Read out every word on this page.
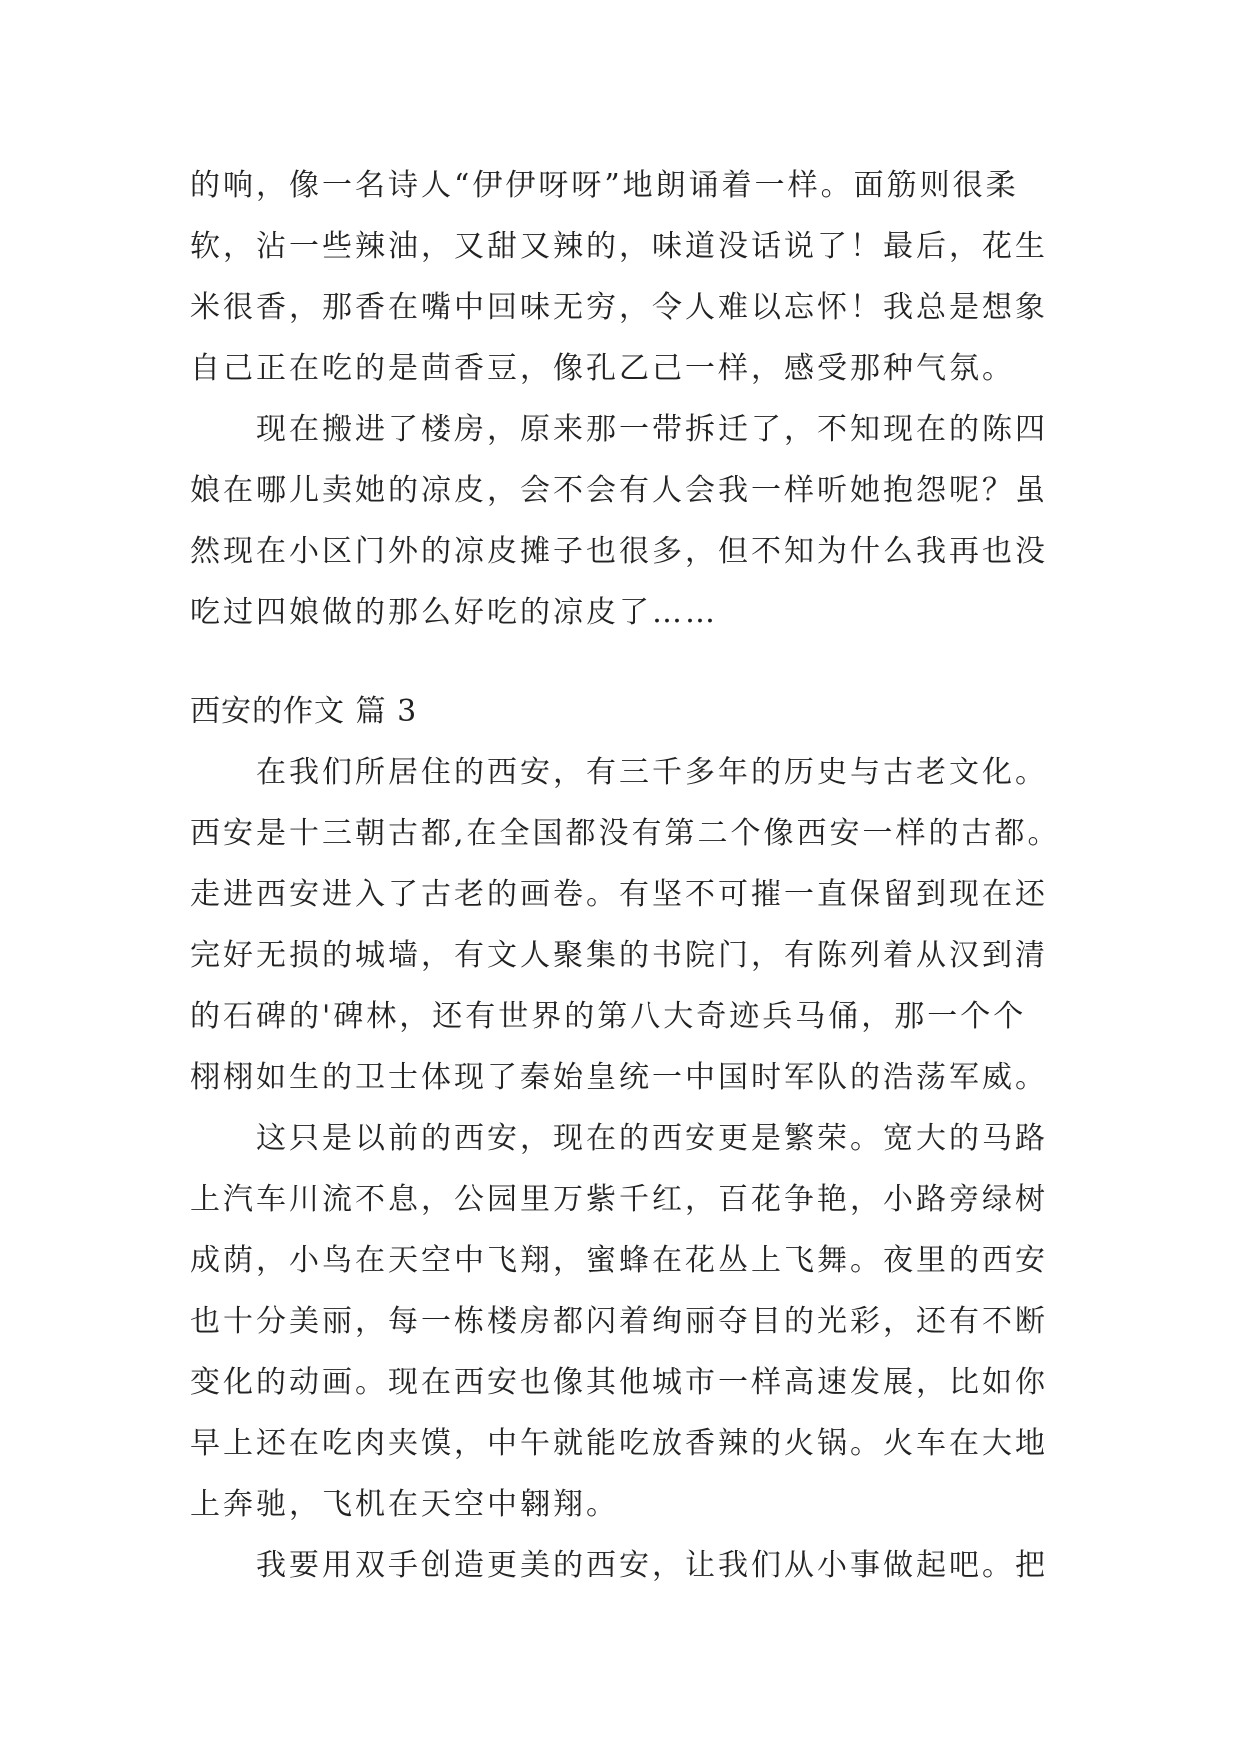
的响，像一名诗人“伊伊呀呀”地朗诵着一样。面筋则很柔

软，沾一些辣油，又甜又辣的，味道没话说了！最后，花生

米很香，那香在嘴中回味无穷，令人难以忘怀！我总是想象

自己正在吃的是茴香豆，像孔乙己一样，感受那种气氛。

现在搬进了楼房，原来那一带拆迁了，不知现在的陈四

娘在哪儿卖她的凉皮，会不会有人会我一样听她抱怨呢？虽

然现在小区门外的凉皮摊子也很多，但不知为什么我再也没

吃过四娘做的那么好吃的凉皮了……

西安的作文 篇 3

在我们所居住的西安，有三千多年的历史与古老文化。

西安是十三朝古都,在全国都没有第二个像西安一样的古都。

走进西安进入了古老的画卷。有坚不可摧一直保留到现在还

完好无损的城墙，有文人聚集的书院门，有陈列着从汉到清

的石碑的'碑林，还有世界的第八大奇迹兵马俑，那一个个

栩栩如生的卫士体现了秦始皇统一中国时军队的浩荡军威。

这只是以前的西安，现在的西安更是繁荣。宽大的马路

上汽车川流不息，公园里万紫千红，百花争艳，小路旁绿树

成荫，小鸟在天空中飞翔，蜜蜂在花丛上飞舞。夜里的西安

也十分美丽，每一栋楼房都闪着绚丽夺目的光彩，还有不断

变化的动画。现在西安也像其他城市一样高速发展，比如你

早上还在吃肉夹馍，中午就能吃放香辣的火锅。火车在大地

上奔驰，飞机在天空中翱翔。

我要用双手创造更美的西安，让我们从小事做起吧。把
